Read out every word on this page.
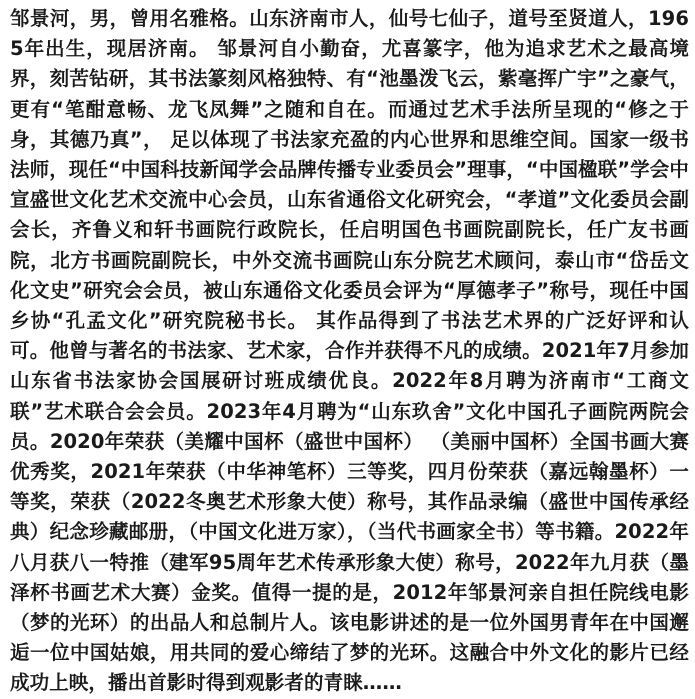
邹景河，男，曾用名雅格。山东济南市人，仙号七仙子，道号至贤道人，1965年出生，现居济南。 邹景河自小勤奋，尤喜篆字，他为追求艺术之最高境界，刻苦钻研，其书法篆刻风格独特、有“池墨泼飞云，紫毫挥广宇”之豪气，更有“笔酣意畅、龙飞凤舞”之随和自在。而通过艺术手法所呈现的“修之于身，其德乃真”， 足以体现了书法家充盈的内心世界和思维空间。国家一级书法师，现任“中国科技新闻学会品牌传播专业委员会”理事，“中国楹联”学会中宣盛世文化艺术交流中心会员，山东省通俗文化研究会，“孝道”文化委员会副会长，齐鲁义和轩书画院行政院长，任启明国色书画院副院长，任广友书画院，北方书画院副院长，中外交流书画院山东分院艺术顾问，泰山市“岱岳文化文史”研究会会员，被山东通俗文化委员会评为“厚德孝子”称号，现任中国乡协“孔孟文化”研究院秘书长。 其作品得到了书法艺术界的广泛好评和认可。他曾与著名的书法家、艺术家，合作并获得不凡的成绩。2021年7月参加山东省书法家协会国展研讨班成绩优良。2022年8月聘为济南市“工商文联”艺术联合会会员。2023年4月聘为“山东玖舍”文化中国孔子画院两院会员。2020年荣获（美耀中国杯（盛世中国杯） （美丽中国杯）全国书画大赛优秀奖，2021年荣获（中华神笔杯）三等奖，四月份荣获（嘉远翰墨杯）一等奖，荣获（2022冬奥艺术形象大使）称号，其作品录编（盛世中国传承经典）纪念珍藏邮册，（中国文化进万家），（当代书画家全书）等书籍。2022年八月获八一特推（建军95周年艺术传承形象大使）称号，2022年九月获（墨泽杯书画艺术大赛）金奖。值得一提的是，2012年邹景河亲自担任院线电影（梦的光环）的出品人和总制片人。该电影讲述的是一位外国男青年在中国邂逅一位中国姑娘，用共同的爱心缔结了梦的光环。这融合中外文化的影片已经成功上映，播出首影时得到观影者的青睐……
